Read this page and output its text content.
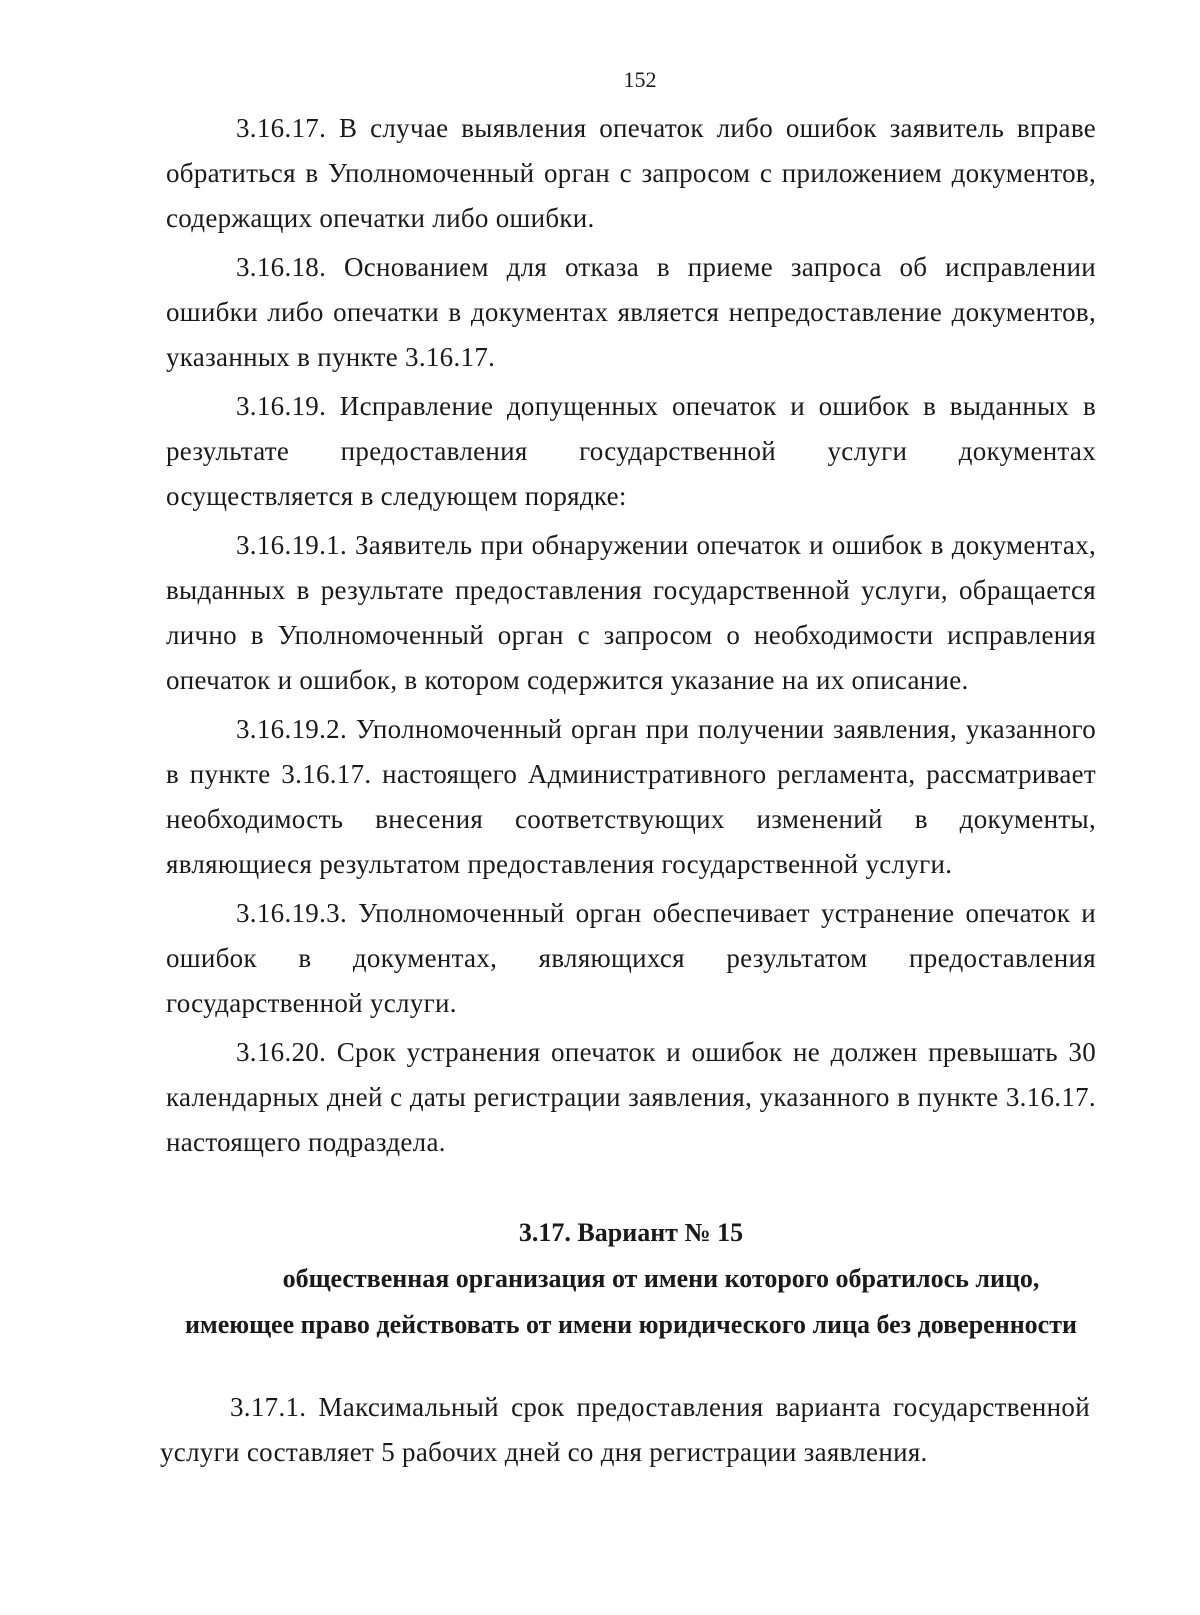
152

3.16.17. В случае выявления опечаток либо ошибок заявитель вправе обратиться в Уполномоченный орган с запросом с приложением документов, содержащих опечатки либо ошибки.

3.16.18. Основанием для отказа в приеме запроса об исправлении ошибки либо опечатки в документах является непредоставление документов, указанных в пункте 3.16.17.

3.16.19. Исправление допущенных опечаток и ошибок в выданных в результате предоставления государственной услуги документах осуществляется в следующем порядке:

3.16.19.1. Заявитель при обнаружении опечаток и ошибок в документах, выданных в результате предоставления государственной услуги, обращается лично в Уполномоченный орган с запросом о необходимости исправления опечаток и ошибок, в котором содержится указание на их описание.

3.16.19.2. Уполномоченный орган при получении заявления, указанного в пункте 3.16.17. настоящего Административного регламента, рассматривает необходимость внесения соответствующих изменений в документы, являющиеся результатом предоставления государственной услуги.

3.16.19.3. Уполномоченный орган обеспечивает устранение опечаток и ошибок в документах, являющихся результатом предоставления государственной услуги.

3.16.20. Срок устранения опечаток и ошибок не должен превышать 30 календарных дней с даты регистрации заявления, указанного в пункте 3.16.17. настоящего подраздела.

3.17. Вариант № 15
общественная организация от имени которого обратилось лицо,
имеющее право действовать от имени юридического лица без доверенности

3.17.1. Максимальный срок предоставления варианта государственной услуги составляет 5 рабочих дней со дня регистрации заявления.
